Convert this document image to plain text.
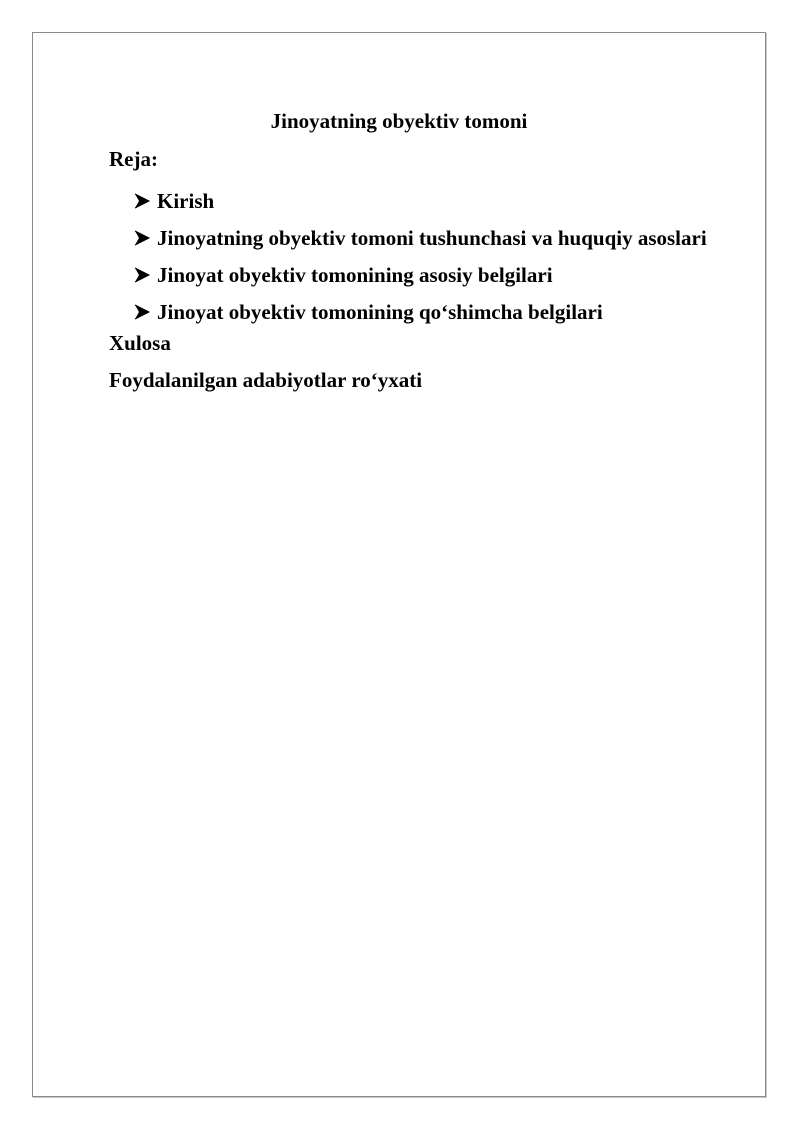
Jinoyatning obyektiv tomoni
Reja:
Kirish
Jinoyatning obyektiv tomoni tushunchasi va huquqiy asoslari
Jinoyat obyektiv tomonining asosiy belgilari
Jinoyat obyektiv tomonining qo‘shimcha belgilari
Xulosa
Foydalanilgan adabiyotlar ro‘yxati
